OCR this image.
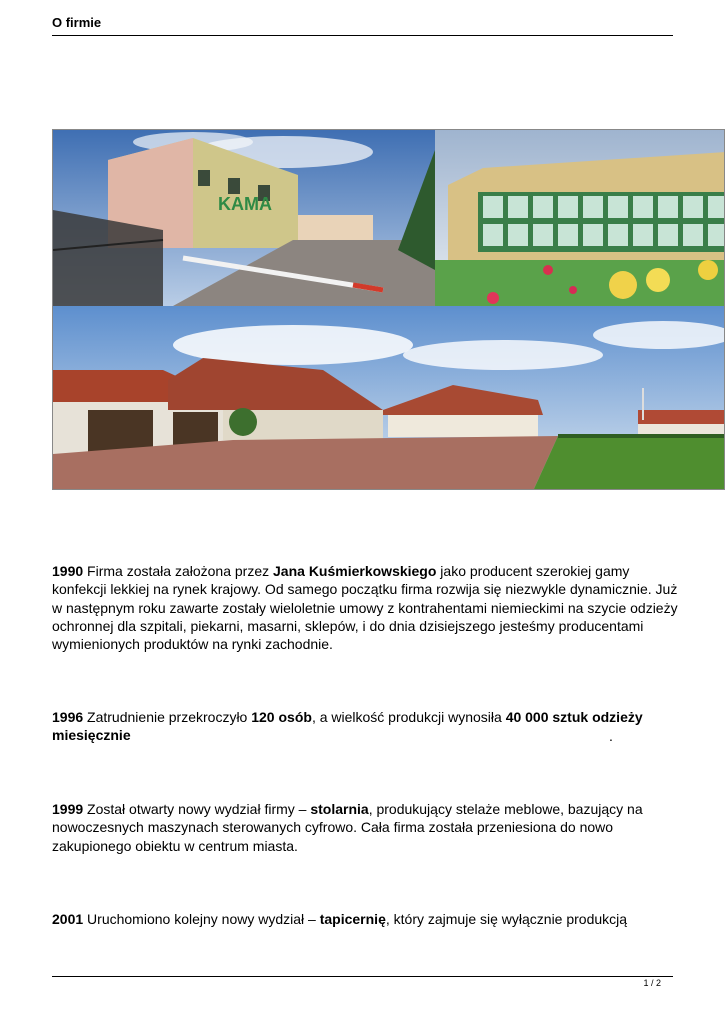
O firmie
KAMA

1990 Firma została założona przez Jana Kuśmierkowskiego jako producent szerokiej gamy konfekcji lekkiej na rynek krajowy. Od samego początku firma rozwija się niezwykle dynamicznie. Już w następnym roku zawarte zostały wieloletnie umowy z kontrahentami niemieckimi na szycie odzieży ochronnej dla szpitali, piekarni, masarni, sklepów, i do dnia dzisiejszego jesteśmy producentami wymienionych produktów na rynki zachodnie.

1996 Zatrudnienie przekroczyło 120 osób, a wielkość produkcji wynosiła 40 000 sztuk odzieży miesięcznie	.

1999 Został otwarty nowy wydział firmy – stolarnia, produkujący stelaże meblowe, bazujący na nowoczesnych maszynach sterowanych cyfrowo. Cała firma została przeniesiona do nowo zakupionego obiektu w centrum miasta.

2001 Uruchomiono kolejny nowy wydział – tapicernię, który zajmuje się wyłącznie produkcją

1 / 2
